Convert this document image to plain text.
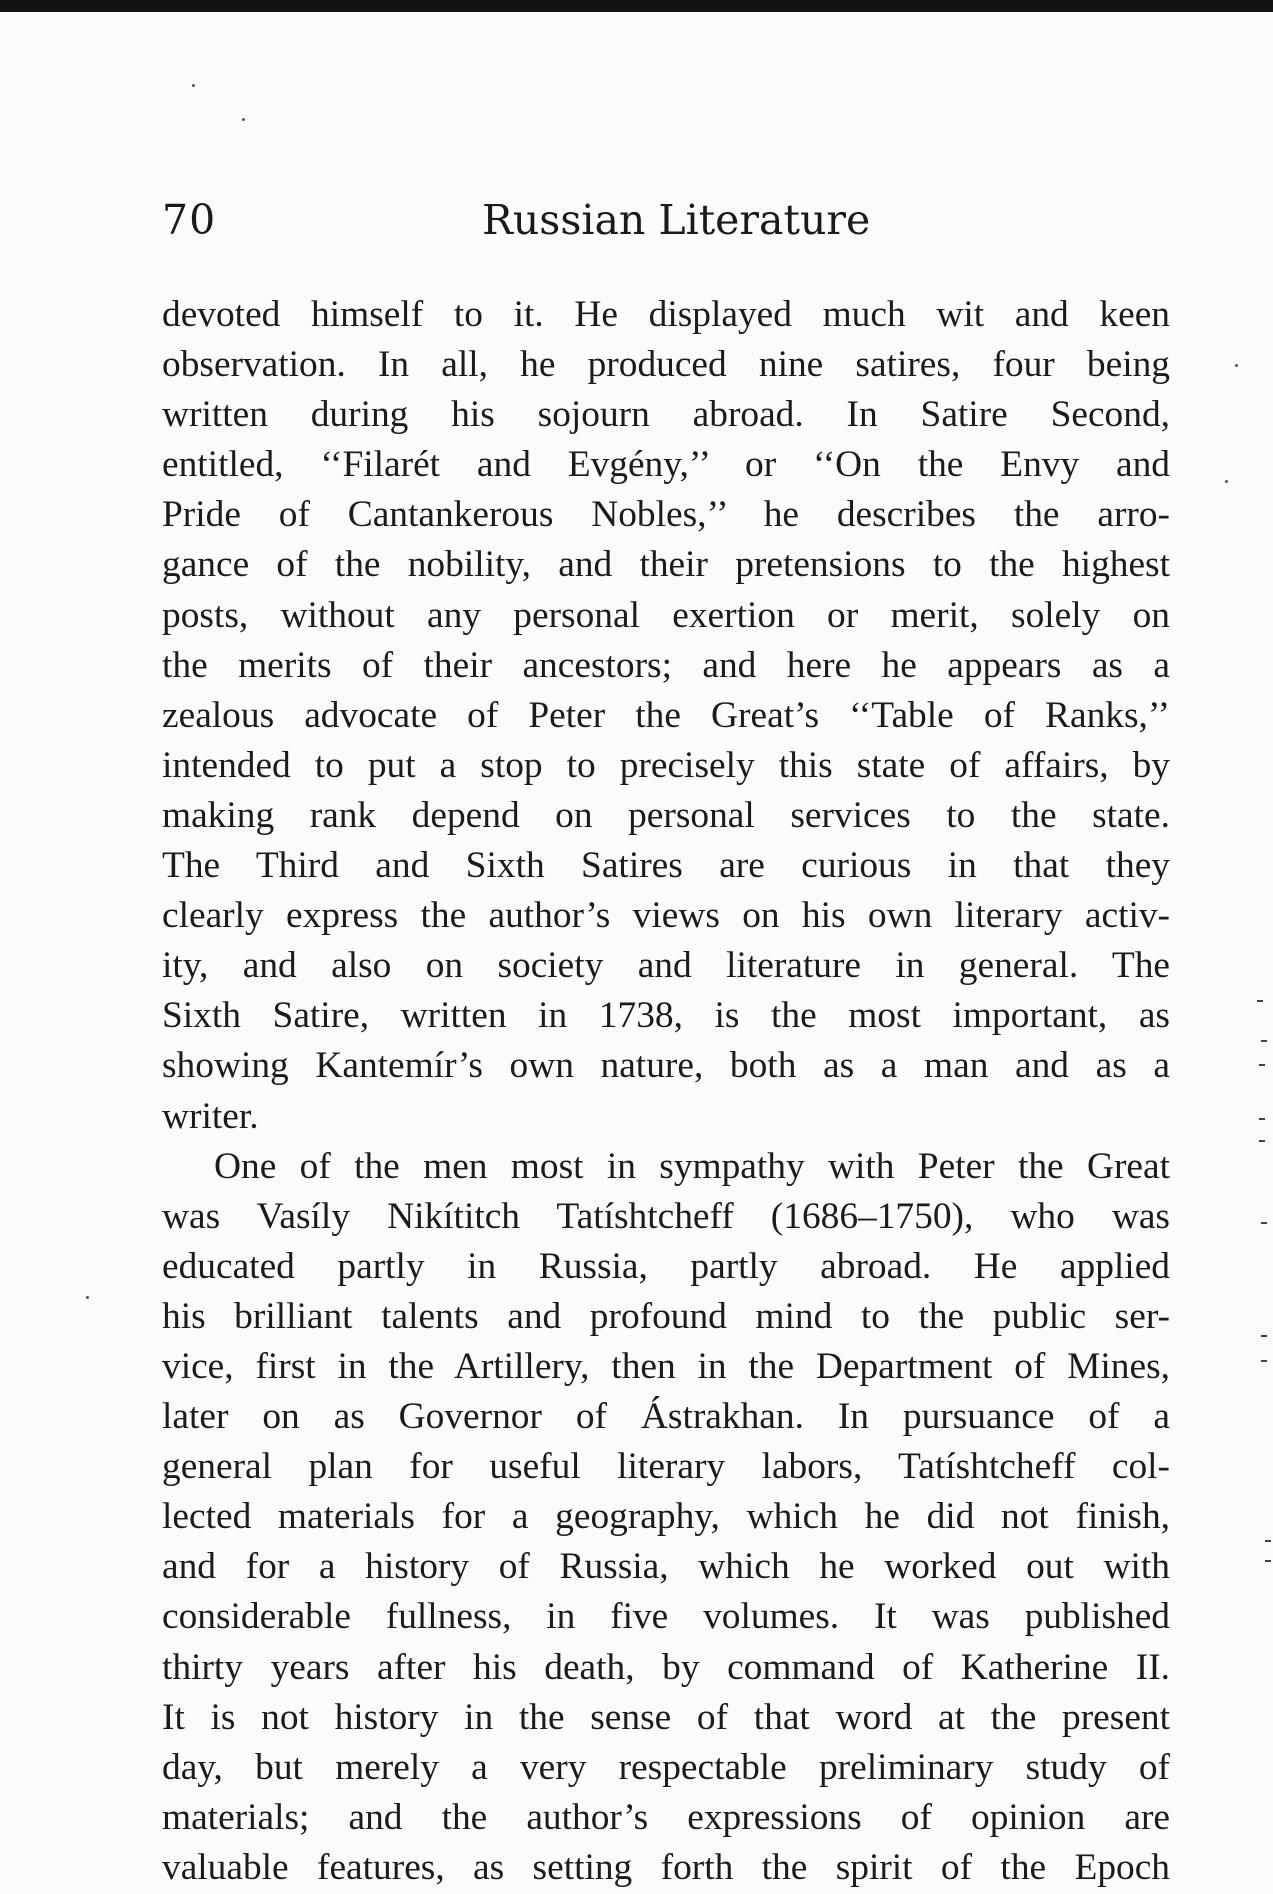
70	Russian Literature
devoted himself to it. He displayed much wit and keen
observation. In all, he produced nine satires, four being
written during his sojourn abroad. In Satire Second,
entitled, ‘‘Filarét and Evgény,’’ or ‘‘On the Envy and
Pride of Cantankerous Nobles,’’ he describes the arro-
gance of the nobility, and their pretensions to the highest
posts, without any personal exertion or merit, solely on
the merits of their ancestors; and here he appears as a
zealous advocate of Peter the Great’s ‘‘Table of Ranks,’’
intended to put a stop to precisely this state of affairs, by
making rank depend on personal services to the state.
The Third and Sixth Satires are curious in that they
clearly express the author’s views on his own literary activ-
ity, and also on society and literature in general. The
Sixth Satire, written in 1738, is the most important, as
showing Kantemír’s own nature, both as a man and as a
writer.
One of the men most in sympathy with Peter the Great
was Vasíly Nikítitch Tatíshtcheff (1686–1750), who was
educated partly in Russia, partly abroad. He applied
his brilliant talents and profound mind to the public ser-
vice, first in the Artillery, then in the Department of Mines,
later on as Governor of Ástrakhan. In pursuance of a
general plan for useful literary labors, Tatíshtcheff col-
lected materials for a geography, which he did not finish,
and for a history of Russia, which he worked out with
considerable fullness, in five volumes. It was published
thirty years after his death, by command of Katherine II.
It is not history in the sense of that word at the present
day, but merely a very respectable preliminary study of
materials; and the author’s expressions of opinion are
valuable features, as setting forth the spirit of the Epoch
